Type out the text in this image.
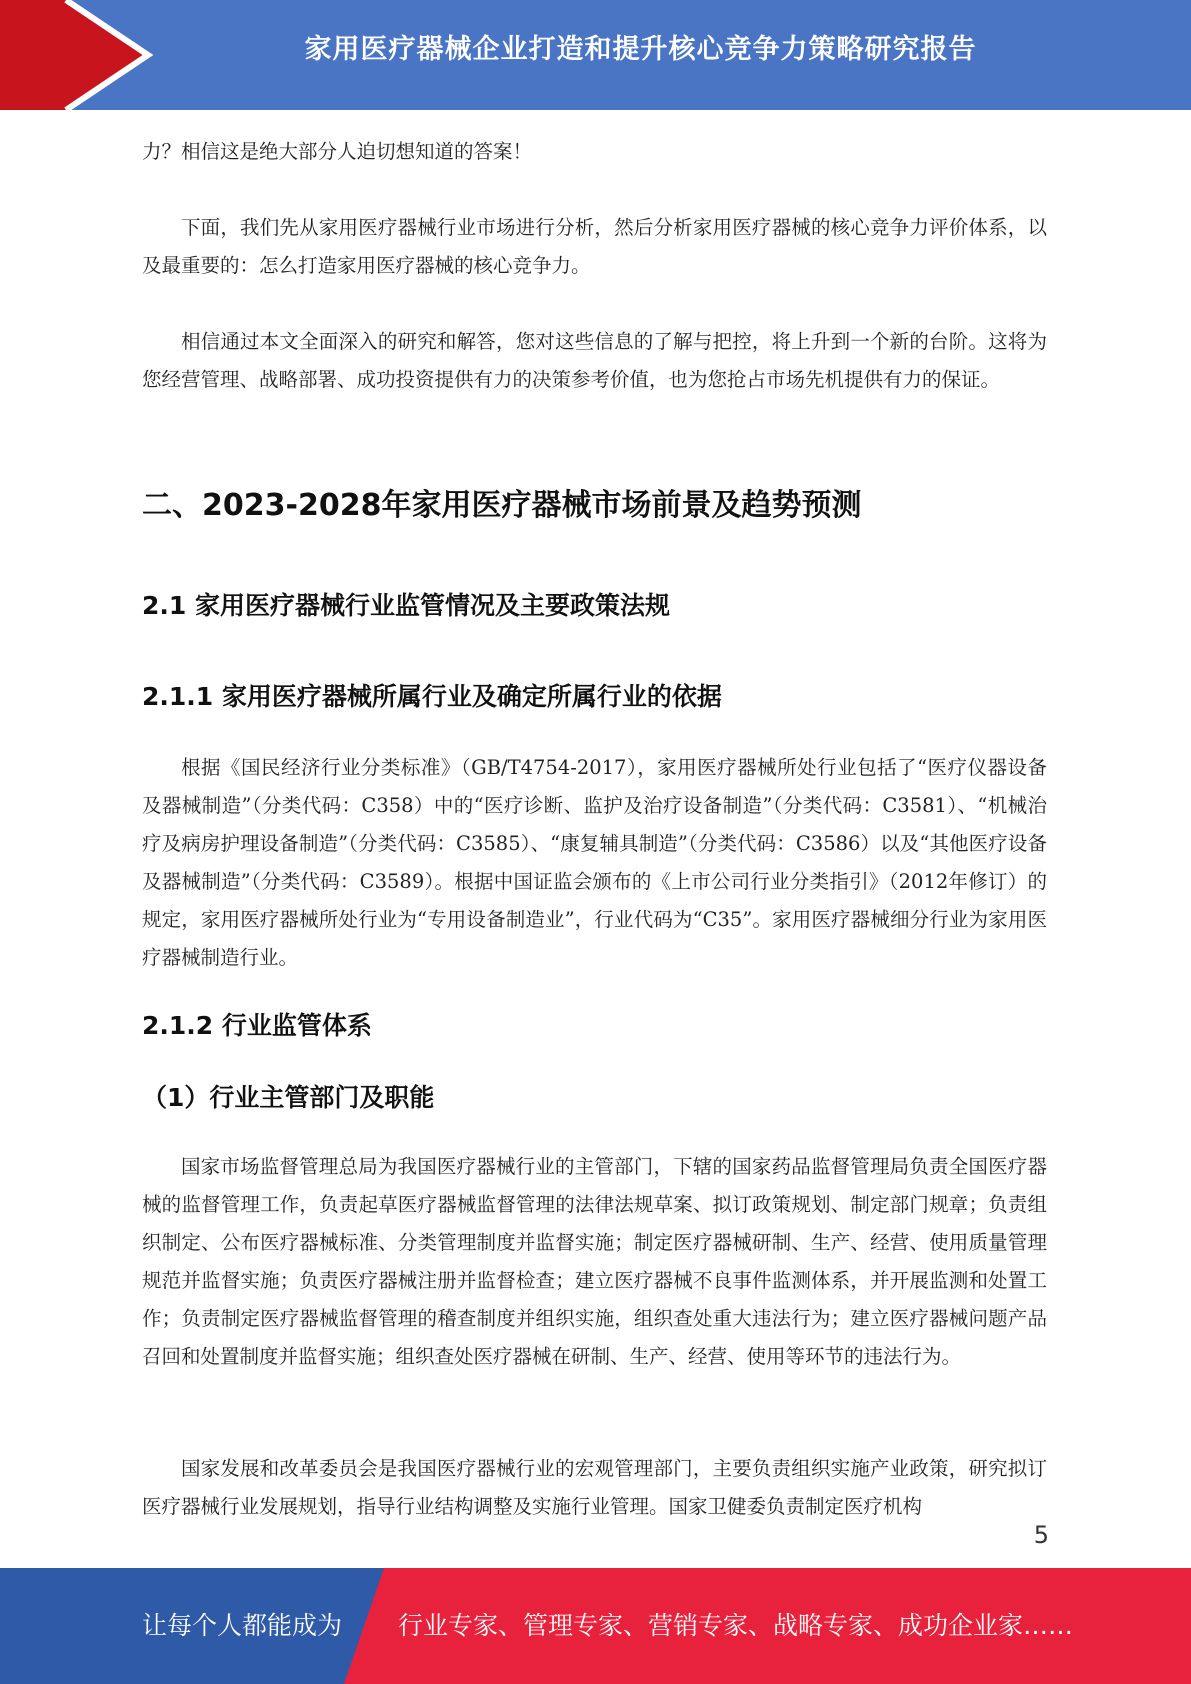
家用医疗器械企业打造和提升核心竞争力策略研究报告

力？相信这是绝大部分人迫切想知道的答案！

下面，我们先从家用医疗器械行业市场进行分析，然后分析家用医疗器械的核心竞争力评价体系，以及最重要的：怎么打造家用医疗器械的核心竞争力。

相信通过本文全面深入的研究和解答，您对这些信息的了解与把控，将上升到一个新的台阶。这将为您经营管理、战略部署、成功投资提供有力的决策参考价值，也为您抢占市场先机提供有力的保证。

二、2023-2028年家用医疗器械市场前景及趋势预测
2.1 家用医疗器械行业监管情况及主要政策法规
2.1.1 家用医疗器械所属行业及确定所属行业的依据

根据《国民经济行业分类标准》（GB/T4754-2017），家用医疗器械所处行业包括了“医疗仪器设备及器械制造”（分类代码：C358）中的“医疗诊断、监护及治疗设备制造”（分类代码：C3581）、“机械治疗及病房护理设备制造”（分类代码：C3585）、“康复辅具制造”（分类代码：C3586）以及“其他医疗设备及器械制造”（分类代码：C3589）。根据中国证监会颁布的《上市公司行业分类指引》（2012年修订）的规定，家用医疗器械所处行业为“专用设备制造业”，行业代码为“C35”。家用医疗器械细分行业为家用医疗器械制造行业。

2.1.2 行业监管体系
（1）行业主管部门及职能

国家市场监督管理总局为我国医疗器械行业的主管部门，下辖的国家药品监督管理局负责全国医疗器械的监督管理工作，负责起草医疗器械监督管理的法律法规草案、拟订政策规划、制定部门规章；负责组织制定、公布医疗器械标准、分类管理制度并监督实施；制定医疗器械研制、生产、经营、使用质量管理规范并监督实施；负责医疗器械注册并监督检查；建立医疗器械不良事件监测体系，并开展监测和处置工作；负责制定医疗器械监督管理的稽查制度并组织实施，组织查处重大违法行为；建立医疗器械问题产品召回和处置制度并监督实施；组织查处医疗器械在研制、生产、经营、使用等环节的违法行为。

国家发展和改革委员会是我国医疗器械行业的宏观管理部门，主要负责组织实施产业政策，研究拟订医疗器械行业发展规划，指导行业结构调整及实施行业管理。国家卫健委负责制定医疗机构

5
让每个人都能成为 行业专家、管理专家、营销专家、战略专家、成功企业家……
